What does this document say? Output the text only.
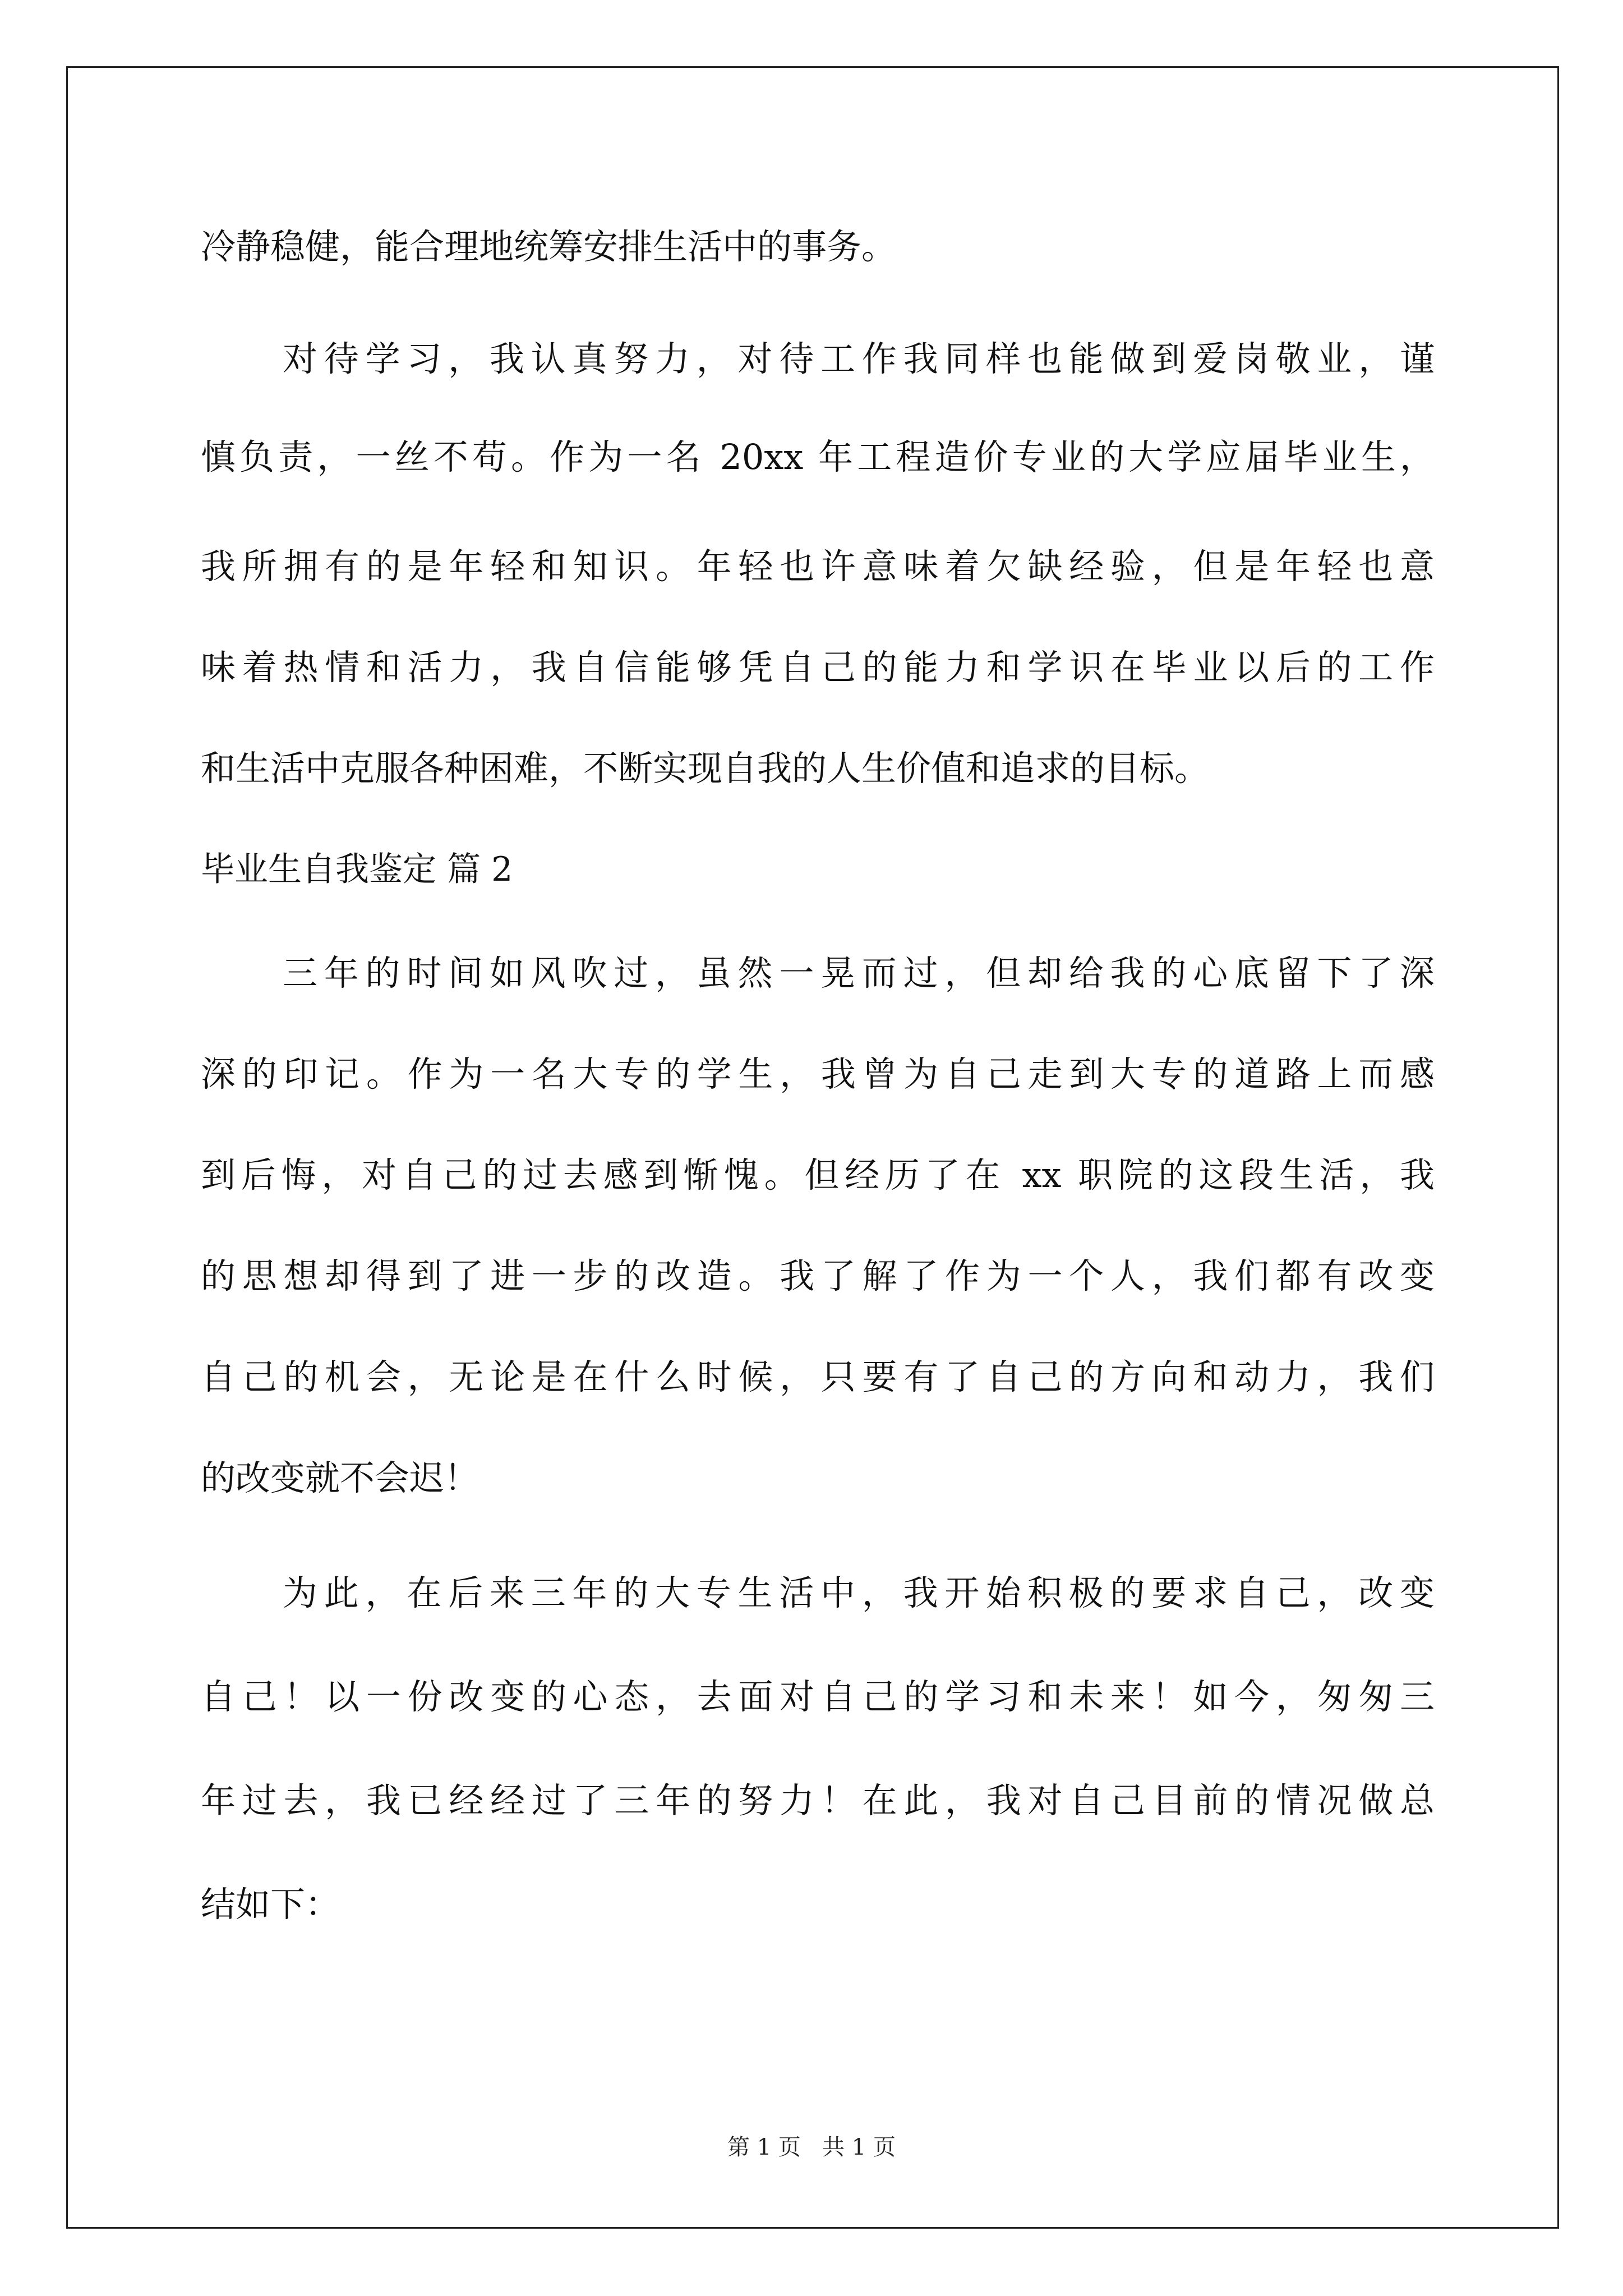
冷静稳健，能合理地统筹安排生活中的事务。
对待学习，我认真努力，对待工作我同样也能做到爱岗敬业，谨
慎负责，一丝不苟。作为一名 20xx 年工程造价专业的大学应届毕业生，
我所拥有的是年轻和知识。年轻也许意味着欠缺经验，但是年轻也意
味着热情和活力，我自信能够凭自己的能力和学识在毕业以后的工作
和生活中克服各种困难，不断实现自我的人生价值和追求的目标。
毕业生自我鉴定 篇 2
三年的时间如风吹过，虽然一晃而过，但却给我的心底留下了深
深的印记。作为一名大专的学生，我曾为自己走到大专的道路上而感
到后悔，对自己的过去感到惭愧。但经历了在 xx 职院的这段生活，我
的思想却得到了进一步的改造。我了解了作为一个人，我们都有改变
自己的机会，无论是在什么时候，只要有了自己的方向和动力，我们
的改变就不会迟！
为此，在后来三年的大专生活中，我开始积极的要求自己，改变
自己！以一份改变的心态，去面对自己的学习和未来！如今，匆匆三
年过去，我已经经过了三年的努力！在此，我对自己目前的情况做总
结如下：
第 1 页   共 1 页
